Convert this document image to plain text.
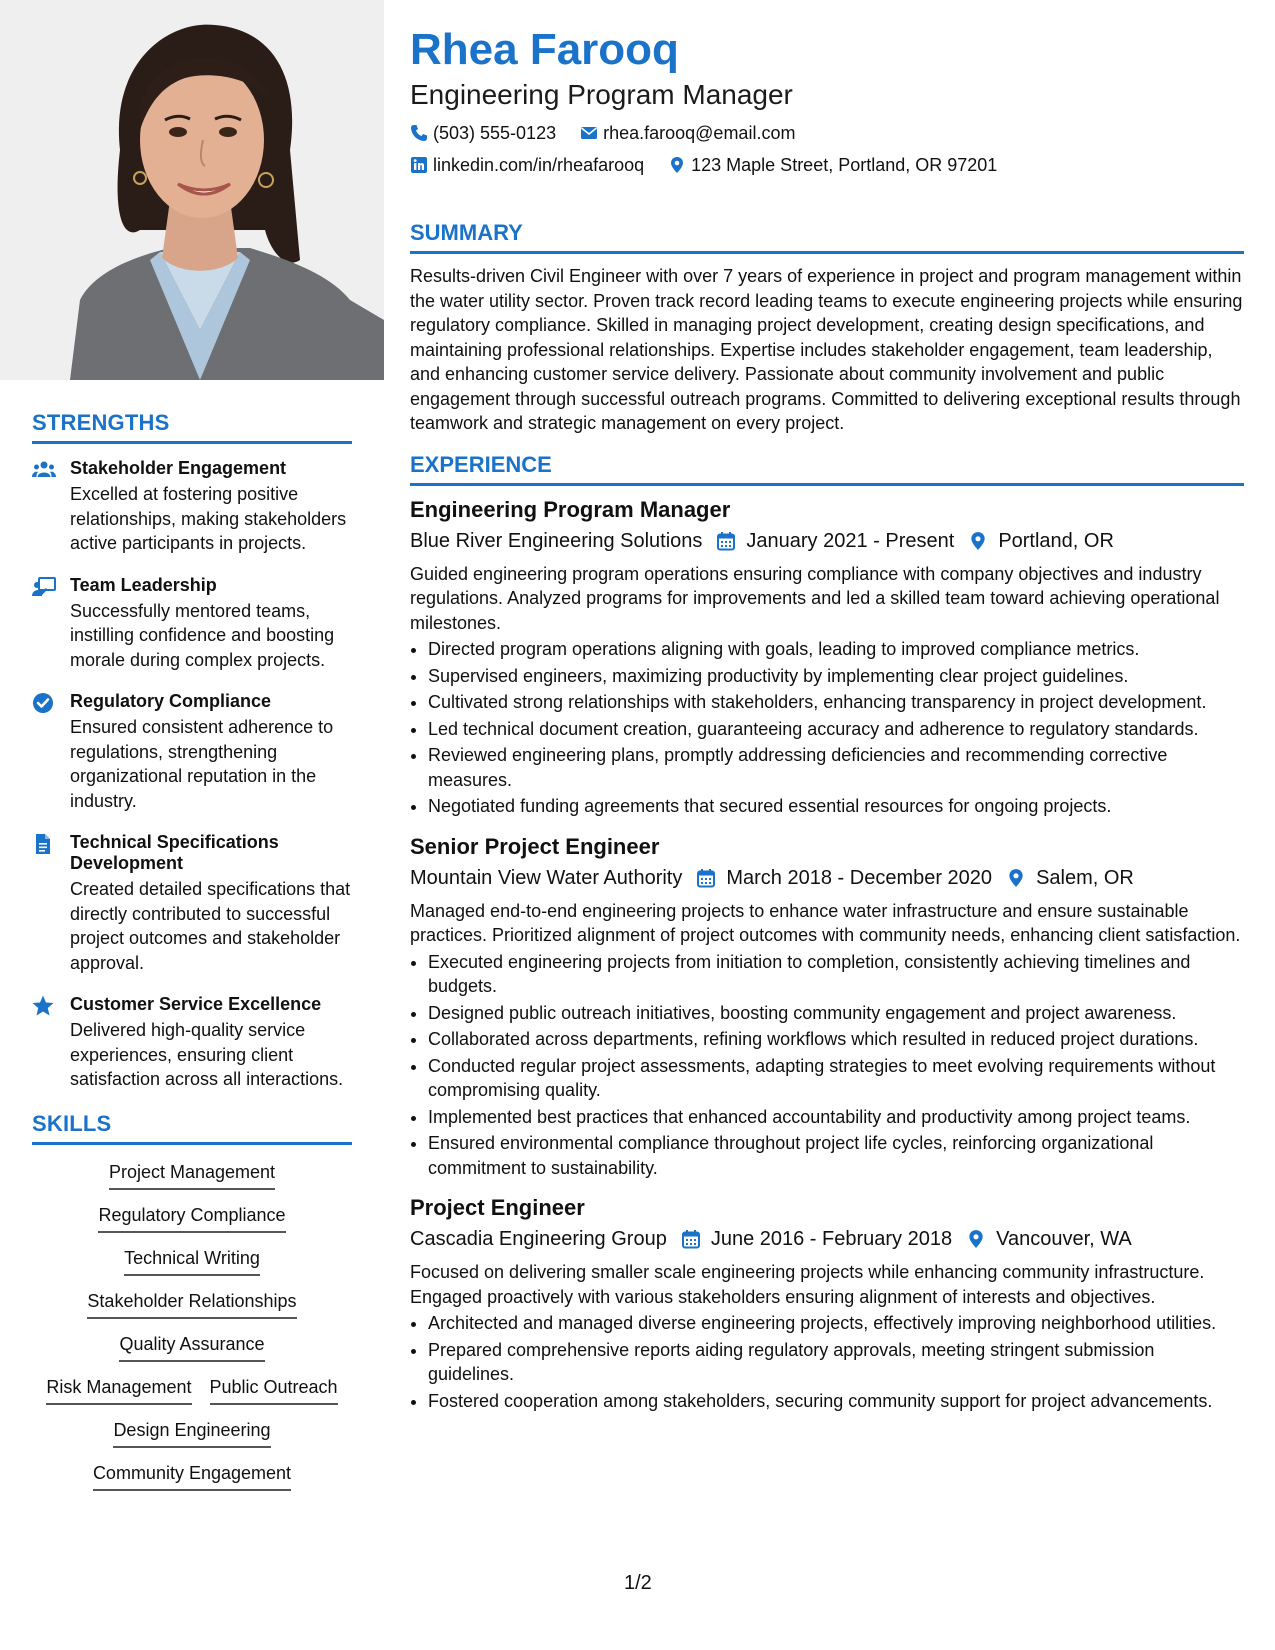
STRENGTHS
Stakeholder Engagement
Excelled at fostering positive relationships, making stakeholders active participants in projects.
Team Leadership
Successfully mentored teams, instilling confidence and boosting morale during complex projects.
Regulatory Compliance
Ensured consistent adherence to regulations, strengthening organizational reputation in the industry.
Technical Specifications Development
Created detailed specifications that directly contributed to successful project outcomes and stakeholder approval.
Customer Service Excellence
Delivered high-quality service experiences, ensuring client satisfaction across all interactions.
SKILLS
Project Management
Regulatory Compliance
Technical Writing
Stakeholder Relationships
Quality Assurance
Risk Management Public Outreach
Design Engineering
Community Engagement
Rhea Farooq
Engineering Program Manager
(503) 555-0123	rhea.farooq@email.com
linkedin.com/in/rheafarooq	123 Maple Street, Portland, OR 97201
SUMMARY
Results-driven Civil Engineer with over 7 years of experience in project and program management within the water utility sector. Proven track record leading teams to execute engineering projects while ensuring regulatory compliance. Skilled in managing project development, creating design specifications, and maintaining professional relationships. Expertise includes stakeholder engagement, team leadership, and enhancing customer service delivery. Passionate about community involvement and public engagement through successful outreach programs. Committed to delivering exceptional results through teamwork and strategic management on every project.
EXPERIENCE
Engineering Program Manager
Blue River Engineering Solutions January 2021 - Present Portland, OR
Guided engineering program operations ensuring compliance with company objectives and industry regulations. Analyzed programs for improvements and led a skilled team toward achieving operational milestones.
• Directed program operations aligning with goals, leading to improved compliance metrics.
• Supervised engineers, maximizing productivity by implementing clear project guidelines.
• Cultivated strong relationships with stakeholders, enhancing transparency in project development.
• Led technical document creation, guaranteeing accuracy and adherence to regulatory standards.
• Reviewed engineering plans, promptly addressing deficiencies and recommending corrective measures.
• Negotiated funding agreements that secured essential resources for ongoing projects.
Senior Project Engineer
Mountain View Water Authority March 2018 - December 2020 Salem, OR
Managed end-to-end engineering projects to enhance water infrastructure and ensure sustainable practices. Prioritized alignment of project outcomes with community needs, enhancing client satisfaction.
• Executed engineering projects from initiation to completion, consistently achieving timelines and budgets.
• Designed public outreach initiatives, boosting community engagement and project awareness.
• Collaborated across departments, refining workflows which resulted in reduced project durations.
• Conducted regular project assessments, adapting strategies to meet evolving requirements without compromising quality.
• Implemented best practices that enhanced accountability and productivity among project teams.
• Ensured environmental compliance throughout project life cycles, reinforcing organizational commitment to sustainability.
Project Engineer
Cascadia Engineering Group June 2016 - February 2018 Vancouver, WA
Focused on delivering smaller scale engineering projects while enhancing community infrastructure. Engaged proactively with various stakeholders ensuring alignment of interests and objectives.
• Architected and managed diverse engineering projects, effectively improving neighborhood utilities.
• Prepared comprehensive reports aiding regulatory approvals, meeting stringent submission guidelines.
• Fostered cooperation among stakeholders, securing community support for project advancements.
1/2
